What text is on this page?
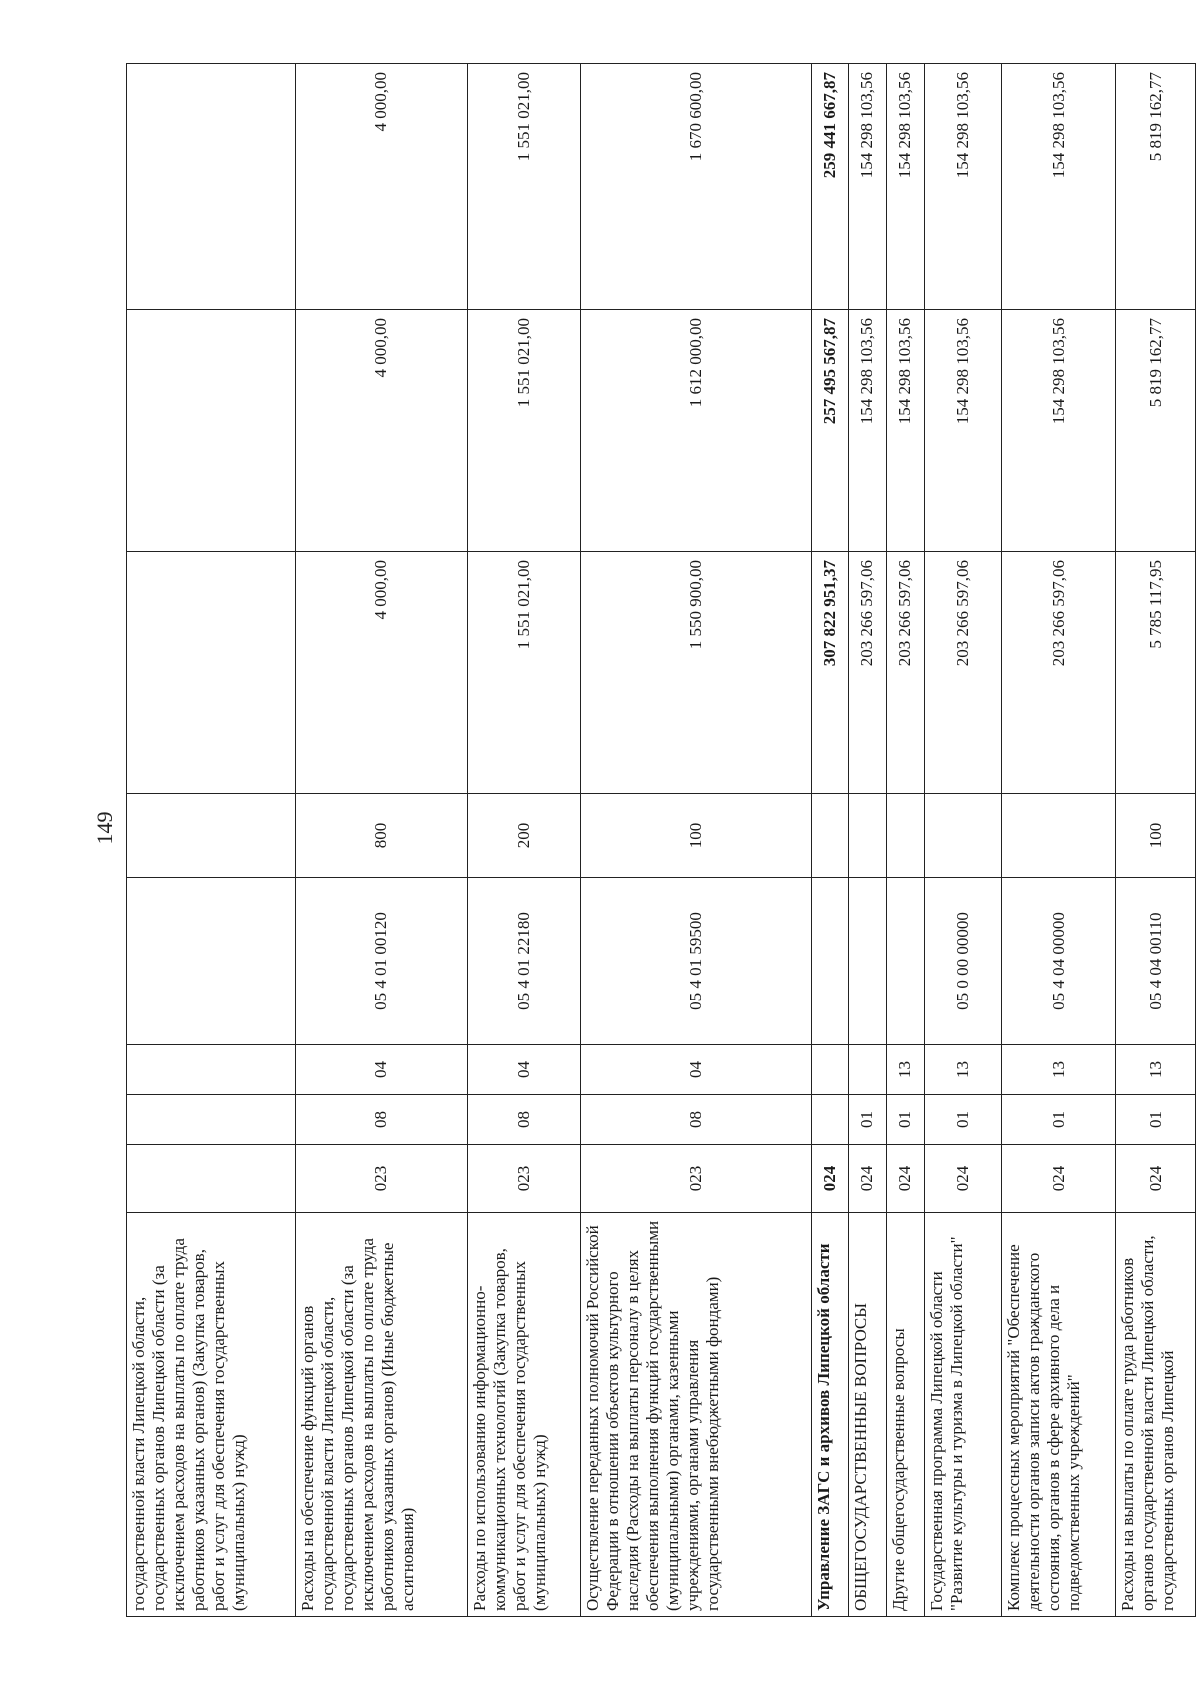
149
государственной власти Липецкой области, государственных органов Липецкой области (за исключением расходов на выплаты по оплате труда работников указанных органов) (Закупка товаров, работ и услуг для обеспечения государственных (муниципальных) нужд)								
Расходы на обеспечение функций органов государственной власти Липецкой области, государственных органов Липецкой области (за исключением расходов на выплаты по оплате труда работников указанных органов) (Иные бюджетные ассигнования)	023	08	04	05 4 01 00120	800	4 000,00	4 000,00	4 000,00
Расходы по использованию информационно-коммуникационных технологий (Закупка товаров, работ и услуг для обеспечения государственных (муниципальных) нужд)	023	08	04	05 4 01 22180	200	1 551 021,00	1 551 021,00	1 551 021,00
Осуществление переданных полномочий Российской Федерации в отношении объектов культурного наследия (Расходы на выплаты персоналу в целях обеспечения выполнения функций государственными (муниципальными) органами, казенными учреждениями, органами управления государственными внебюджетными фондами)	023	08	04	05 4 01 59500	100	1 550 900,00	1 612 000,00	1 670 600,00
Управление ЗАГС и архивов Липецкой области	024					307 822 951,37	257 495 567,87	259 441 667,87
ОБЩЕГОСУДАРСТВЕННЫЕ ВОПРОСЫ	024	01				203 266 597,06	154 298 103,56	154 298 103,56
Другие общегосударственные вопросы	024	01	13			203 266 597,06	154 298 103,56	154 298 103,56
Государственная программа Липецкой области "Развитие культуры и туризма в Липецкой области"	024	01	13	05 0 00 00000		203 266 597,06	154 298 103,56	154 298 103,56
Комплекс процессных мероприятий "Обеспечение деятельности органов записи актов гражданского состояния, органов в сфере архивного дела и подведомственных учреждений"	024	01	13	05 4 04 00000		203 266 597,06	154 298 103,56	154 298 103,56
Расходы на выплаты по оплате труда работников органов государственной власти Липецкой области, государственных органов Липецкой	024	01	13	05 4 04 00110	100	5 785 117,95	5 819 162,77	5 819 162,77
